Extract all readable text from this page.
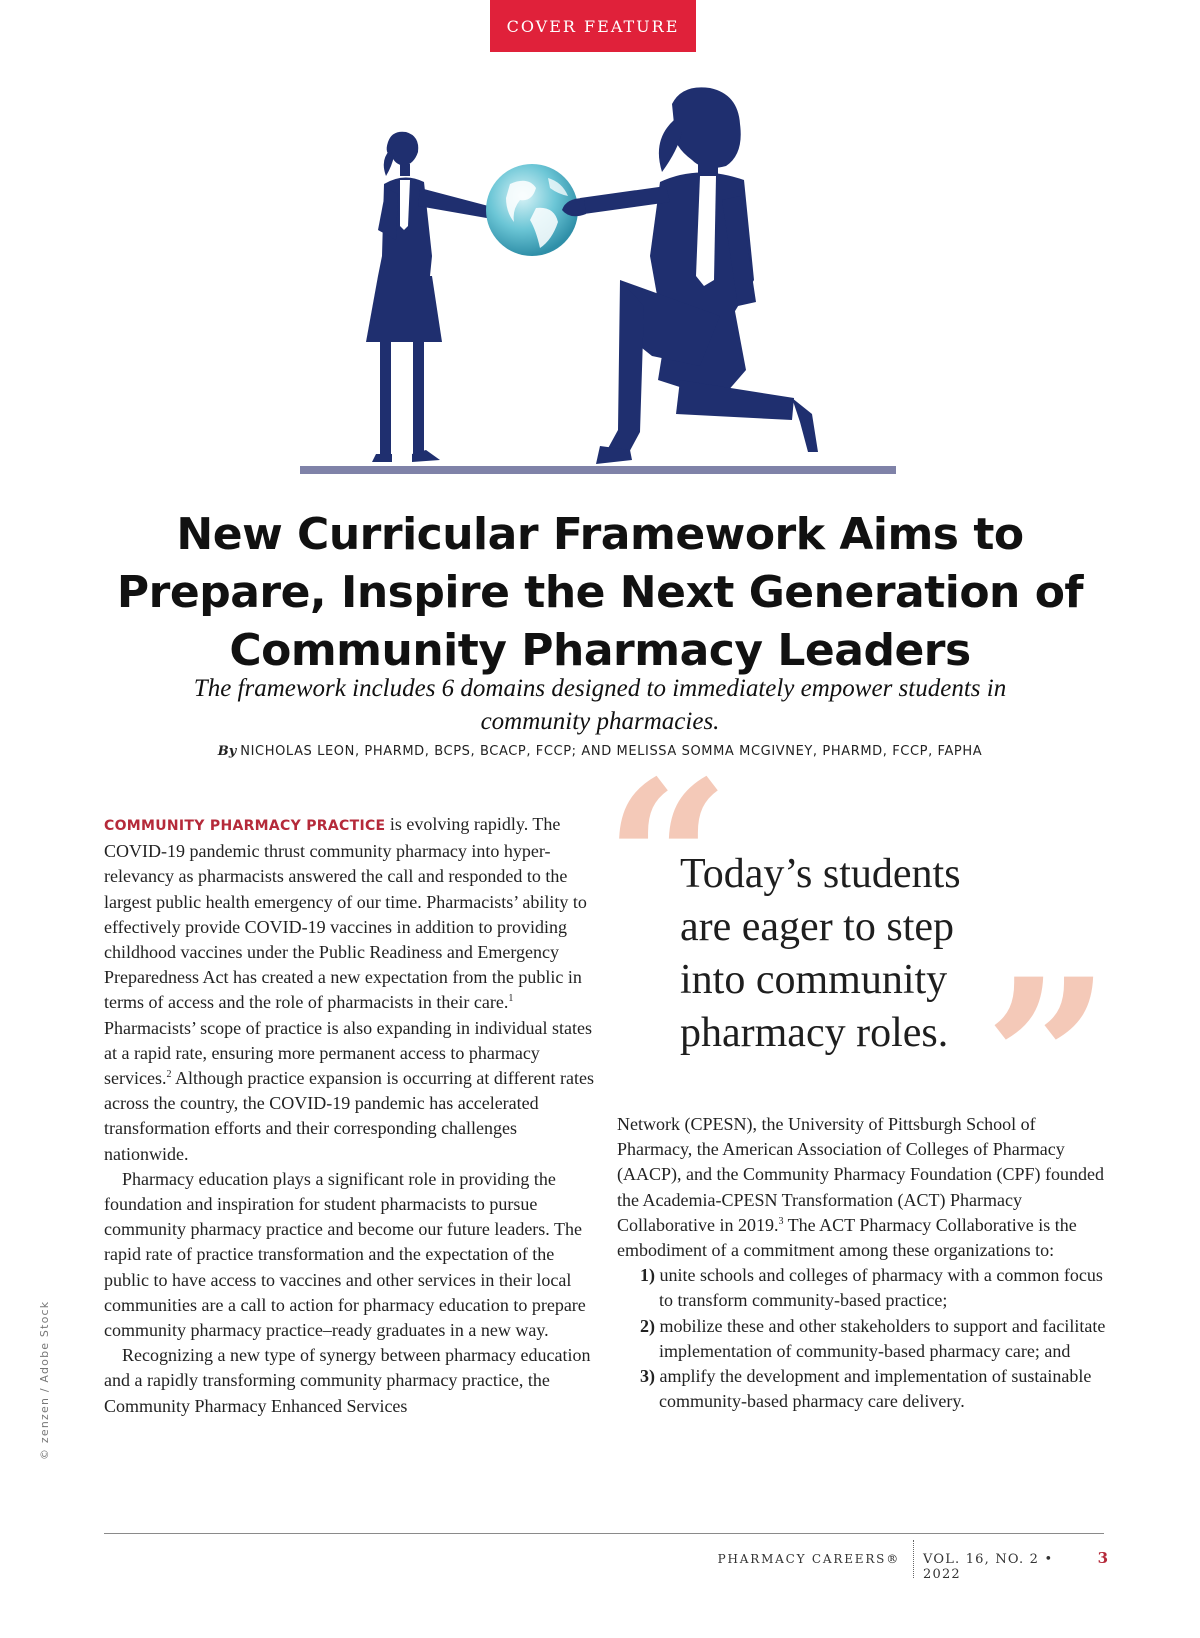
COVER FEATURE
New Curricular Framework Aims to Prepare, Inspire the Next Generation of Community Pharmacy Leaders

The framework includes 6 domains designed to immediately empower students in community pharmacies.

By NICHOLAS LEON, PHARMD, BCPS, BCACP, FCCP; AND MELISSA SOMMA MCGIVNEY, PHARMD, FCCP, FAPHA

COMMUNITY PHARMACY PRACTICE is evolving rapidly. The COVID-19 pandemic thrust community pharmacy into hyper-relevancy as pharmacists answered the call and responded to the largest public health emergency of our time. Pharmacists’ ability to effectively provide COVID-19 vaccines in addition to providing childhood vaccines under the Public Readiness and Emergency Preparedness Act has created a new expectation from the public in terms of access and the role of pharmacists in their care.$^1$ Pharmacists’ scope of practice is also expanding in individual states at a rapid rate, ensuring more permanent access to pharmacy services.$^2$ Although practice expansion is occurring at different rates across the country, the COVID-19 pandemic has accelerated transformation efforts and their corresponding challenges nationwide.

Pharmacy education plays a significant role in providing the foundation and inspiration for student pharmacists to pursue community pharmacy practice and become our future leaders. The rapid rate of practice transformation and the expectation of the public to have access to vaccines and other services in their local communities are a call to action for pharmacy education to prepare community pharmacy practice–ready graduates in a new way.

Recognizing a new type of synergy between pharmacy education and a rapidly transforming community pharmacy practice, the Community Pharmacy Enhanced Services

“

Today’s students are eager to step into community pharmacy roles. ”

Network (CPESN), the University of Pittsburgh School of Pharmacy, the American Association of Colleges of Pharmacy (AACP), and the Community Pharmacy Foundation (CPF) founded the Academia-CPESN Transformation (ACT) Pharmacy Collaborative in 2019.$^3$ The ACT Pharmacy Collaborative is the embodiment of a commitment among these organizations to:

1) unite schools and colleges of pharmacy with a common focus to transform community-based practice;
2) mobilize these and other stakeholders to support and facilitate implementation of community-based pharmacy care; and
3) amplify the development and implementation of sustainable community-based pharmacy care delivery.

© zenzen / Adobe Stock

PHARMACY CAREERS® VOL. 16, NO. 2 • 2022
3
